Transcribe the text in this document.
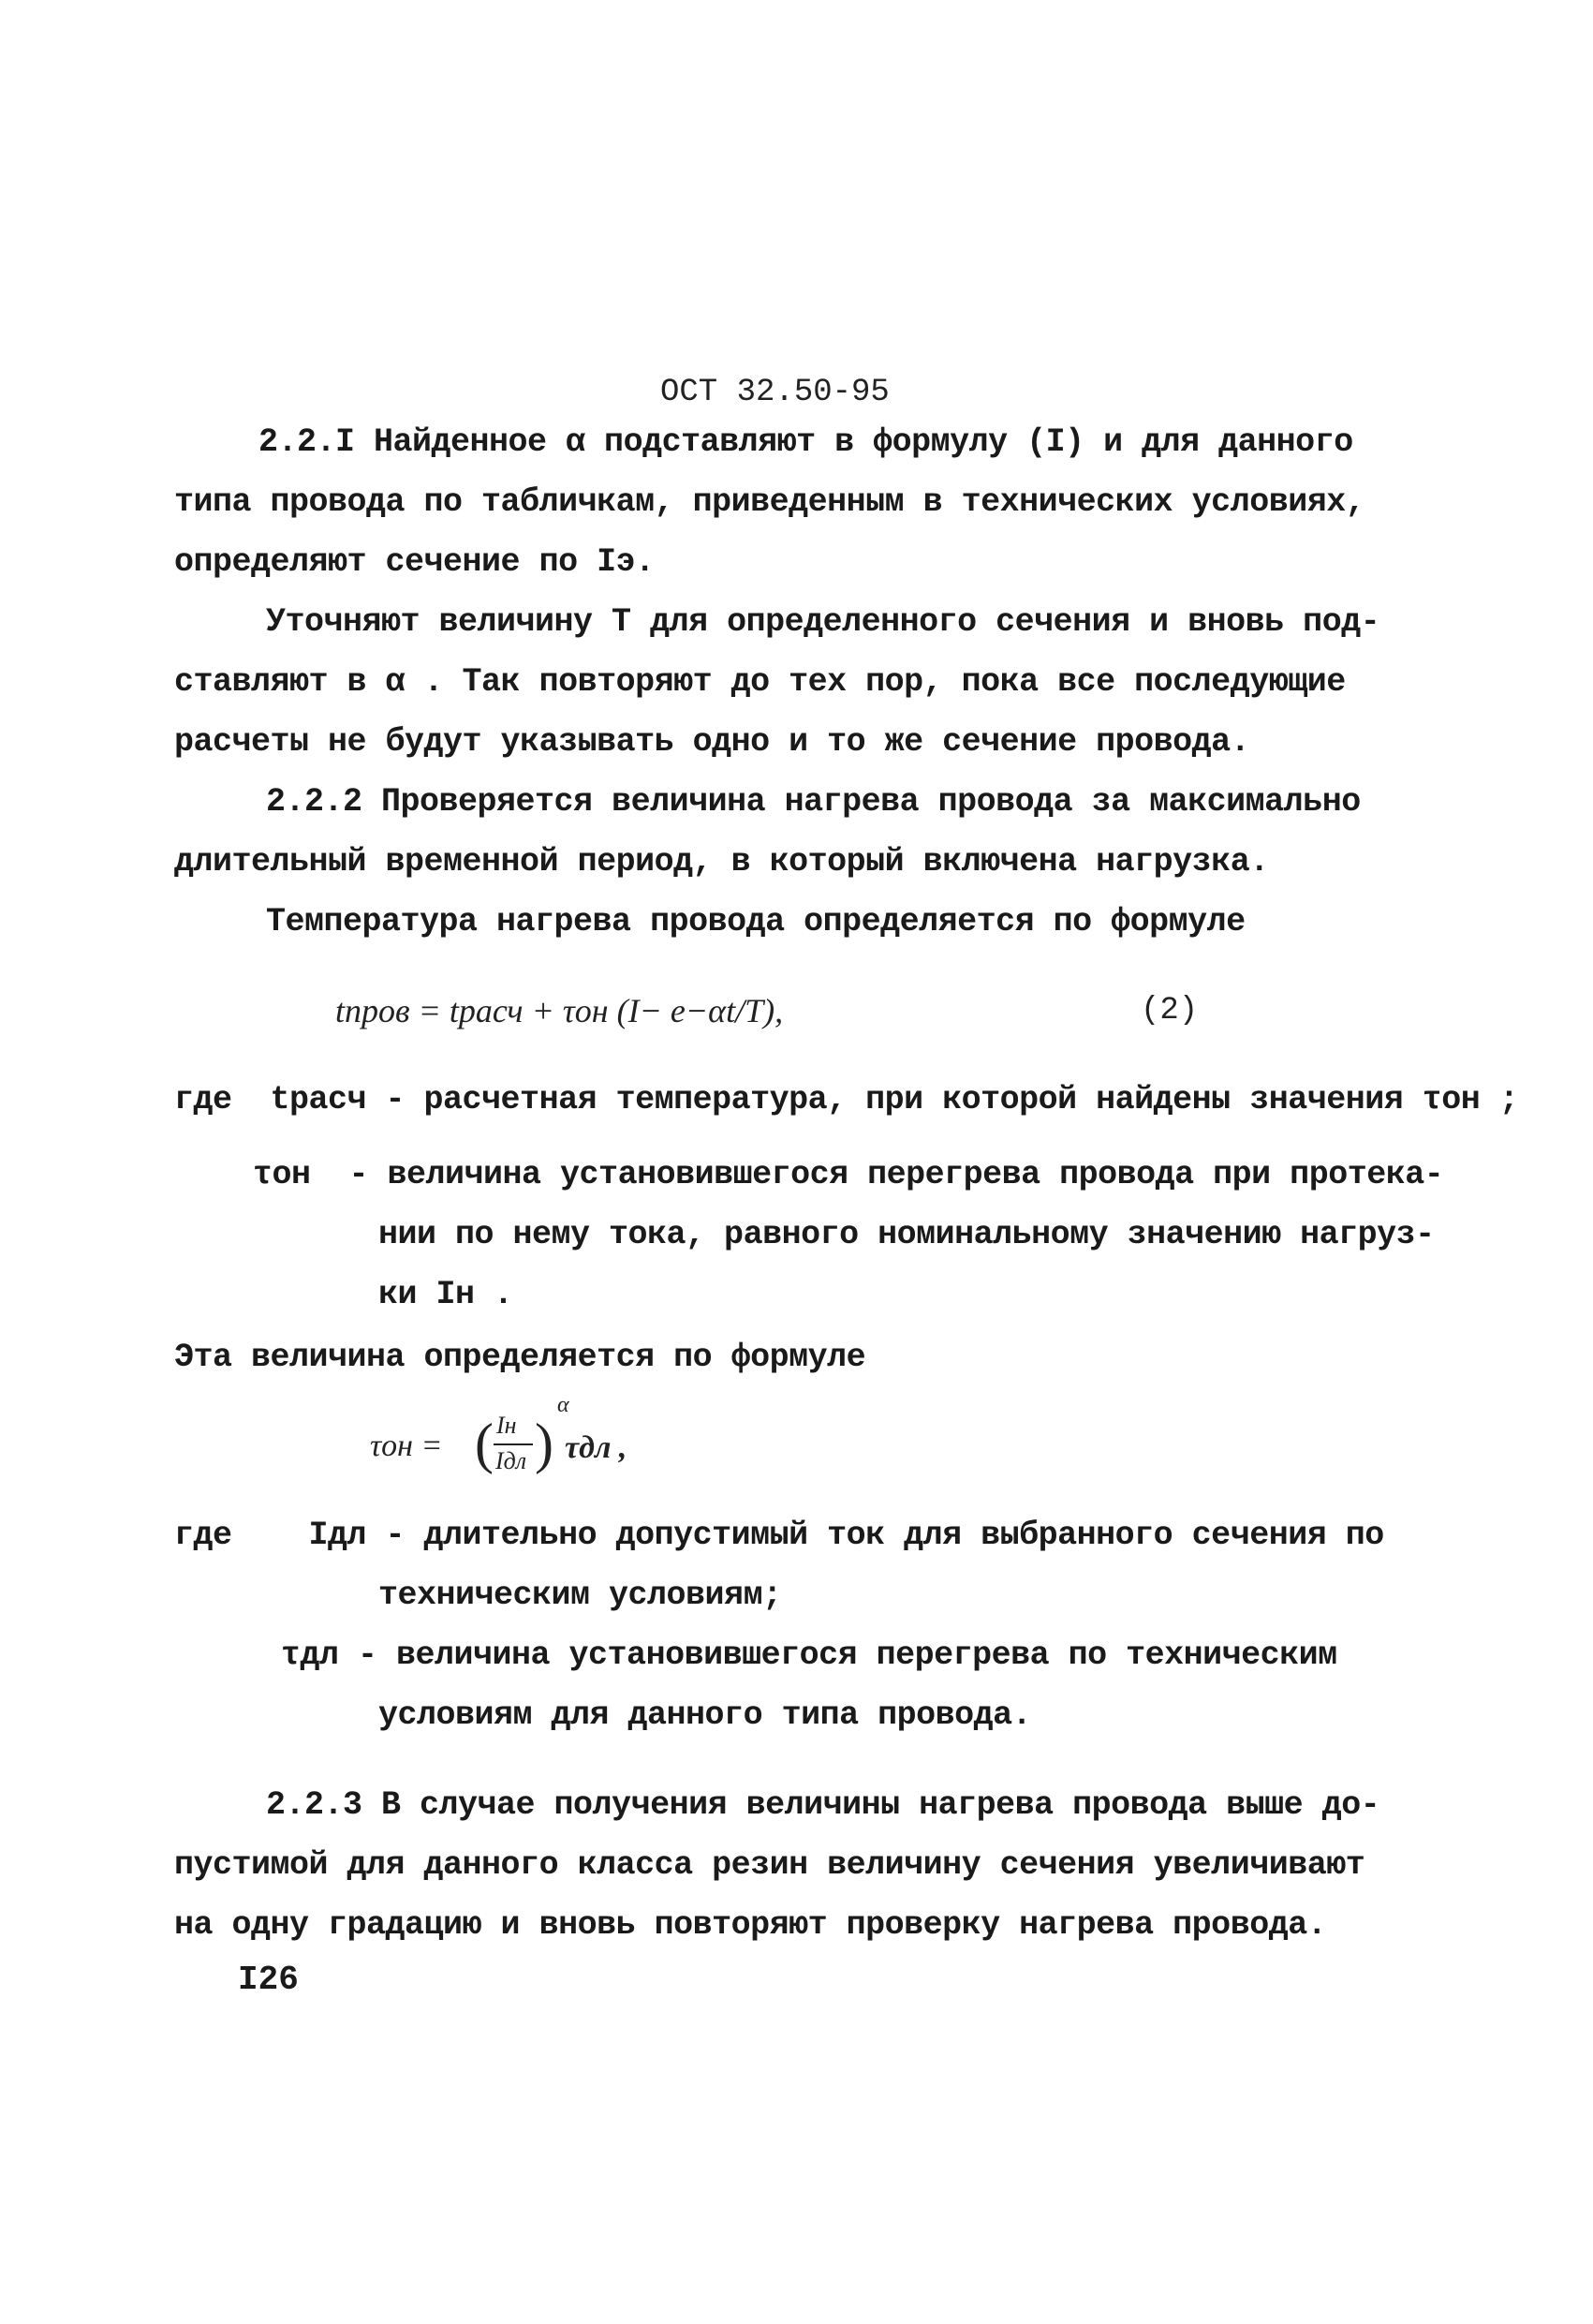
ОСТ 32.50-95
2.2.I Найденное α подставляют в формулу (I) и для данного
типа провода по табличкам, приведенным в технических условиях,
определяют сечение по Iэ.
Уточняют величину T для определенного сечения и вновь под-
ставляют в α . Так повторяют до тех пор, пока все последующие
расчеты не будут указывать одно и то же сечение провода.
2.2.2 Проверяется величина нагрева провода за максимально
длительный временной период, в который включена нагрузка.
Температура нагрева провода определяется по формуле
tпров = tрасч + τон (I− e−αt/T),	(2)
где  tрасч - расчетная температура, при которой найдены значения τон ;
τон  - величина установившегося перегрева провода при протека-
нии по нему тока, равного номинальному значению нагруз-
ки Iн .
Эта величина определяется по формуле
τон = ( Iн
Iдл )
α
τдл ,
где    Iдл - длительно допустимый ток для выбранного сечения по
техническим условиям;
τдл - величина установившегося перегрева по техническим
условиям для данного типа провода.
2.2.3 В случае получения величины нагрева провода выше до-
пустимой для данного класса резин величину сечения увеличивают
на одну градацию и вновь повторяют проверку нагрева провода.
I26
